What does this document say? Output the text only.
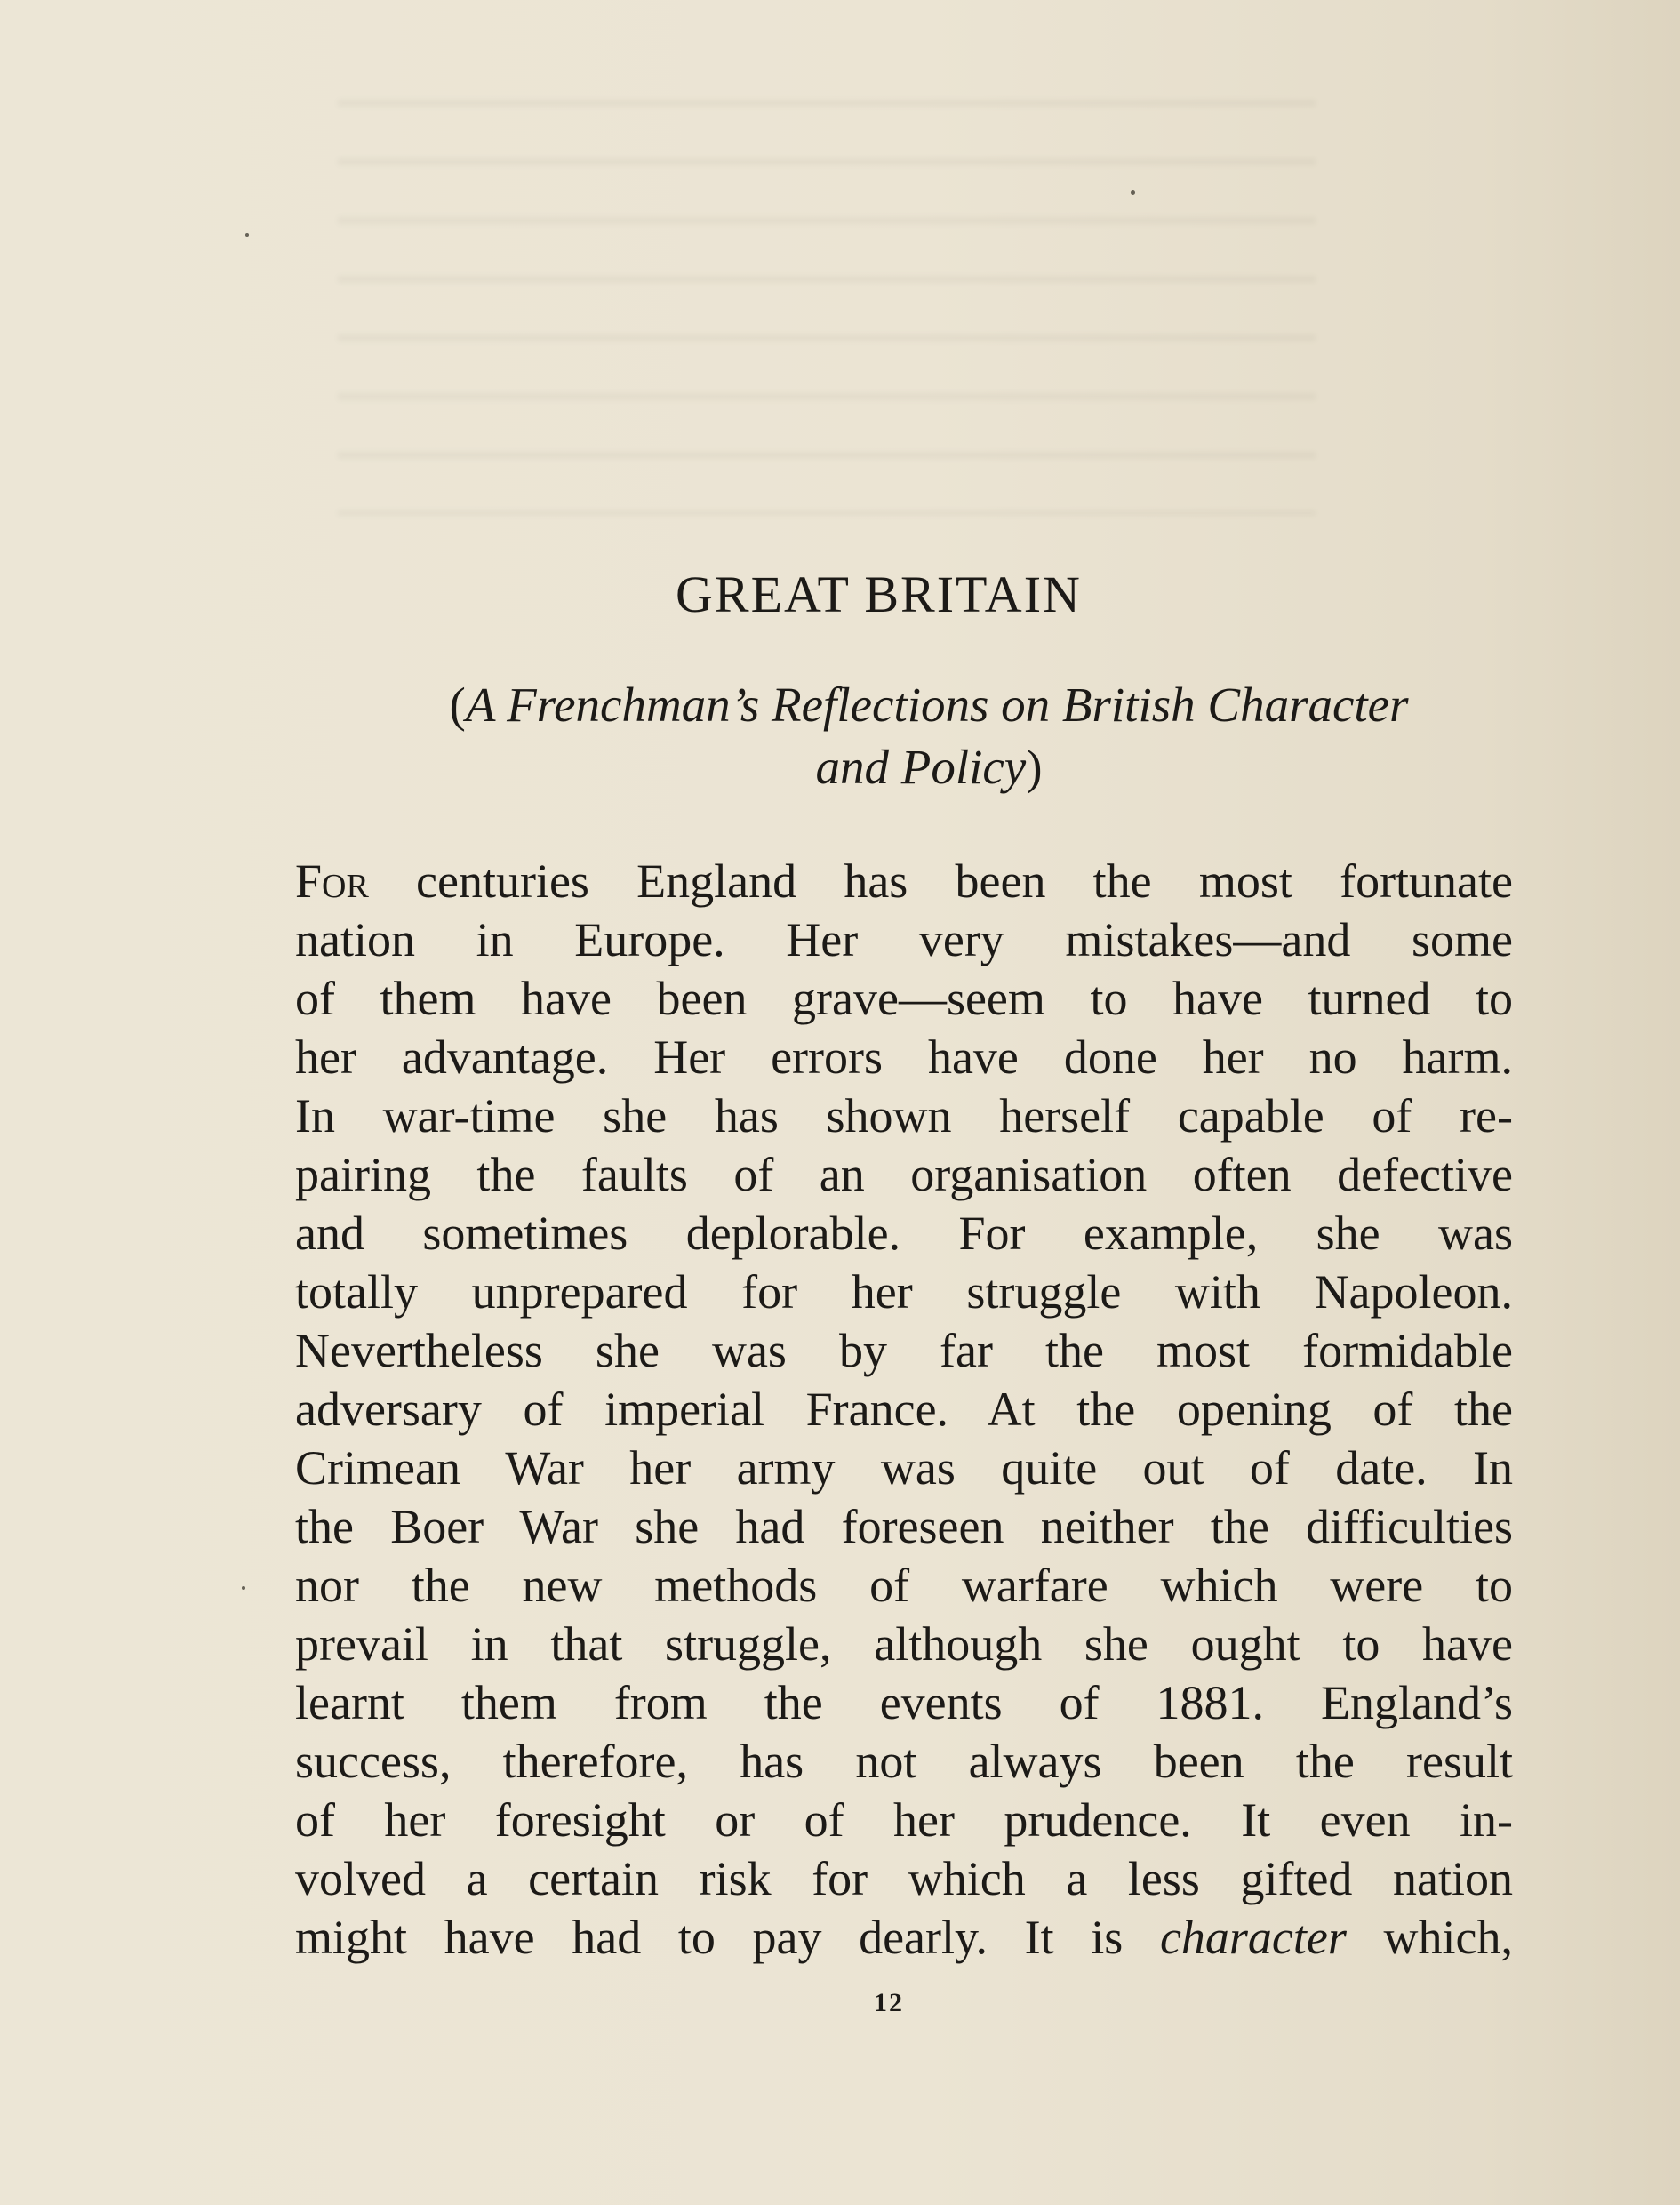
GREAT BRITAIN
(A Frenchman’s Reflections on British Character
and Policy)
For centuries England has been the most fortunate
nation in Europe. Her very mistakes—and some
of them have been grave—seem to have turned to
her advantage. Her errors have done her no harm.
In war-time she has shown herself capable of re-
pairing the faults of an organisation often defective
and sometimes deplorable. For example, she was
totally unprepared for her struggle with Napoleon.
Nevertheless she was by far the most formidable
adversary of imperial France. At the opening of the
Crimean War her army was quite out of date. In
the Boer War she had foreseen neither the difficulties
nor the new methods of warfare which were to
prevail in that struggle, although she ought to have
learnt them from the events of 1881. England’s
success, therefore, has not always been the result
of her foresight or of her prudence. It even in-
volved a certain risk for which a less gifted nation
might have had to pay dearly. It is character which,
12
